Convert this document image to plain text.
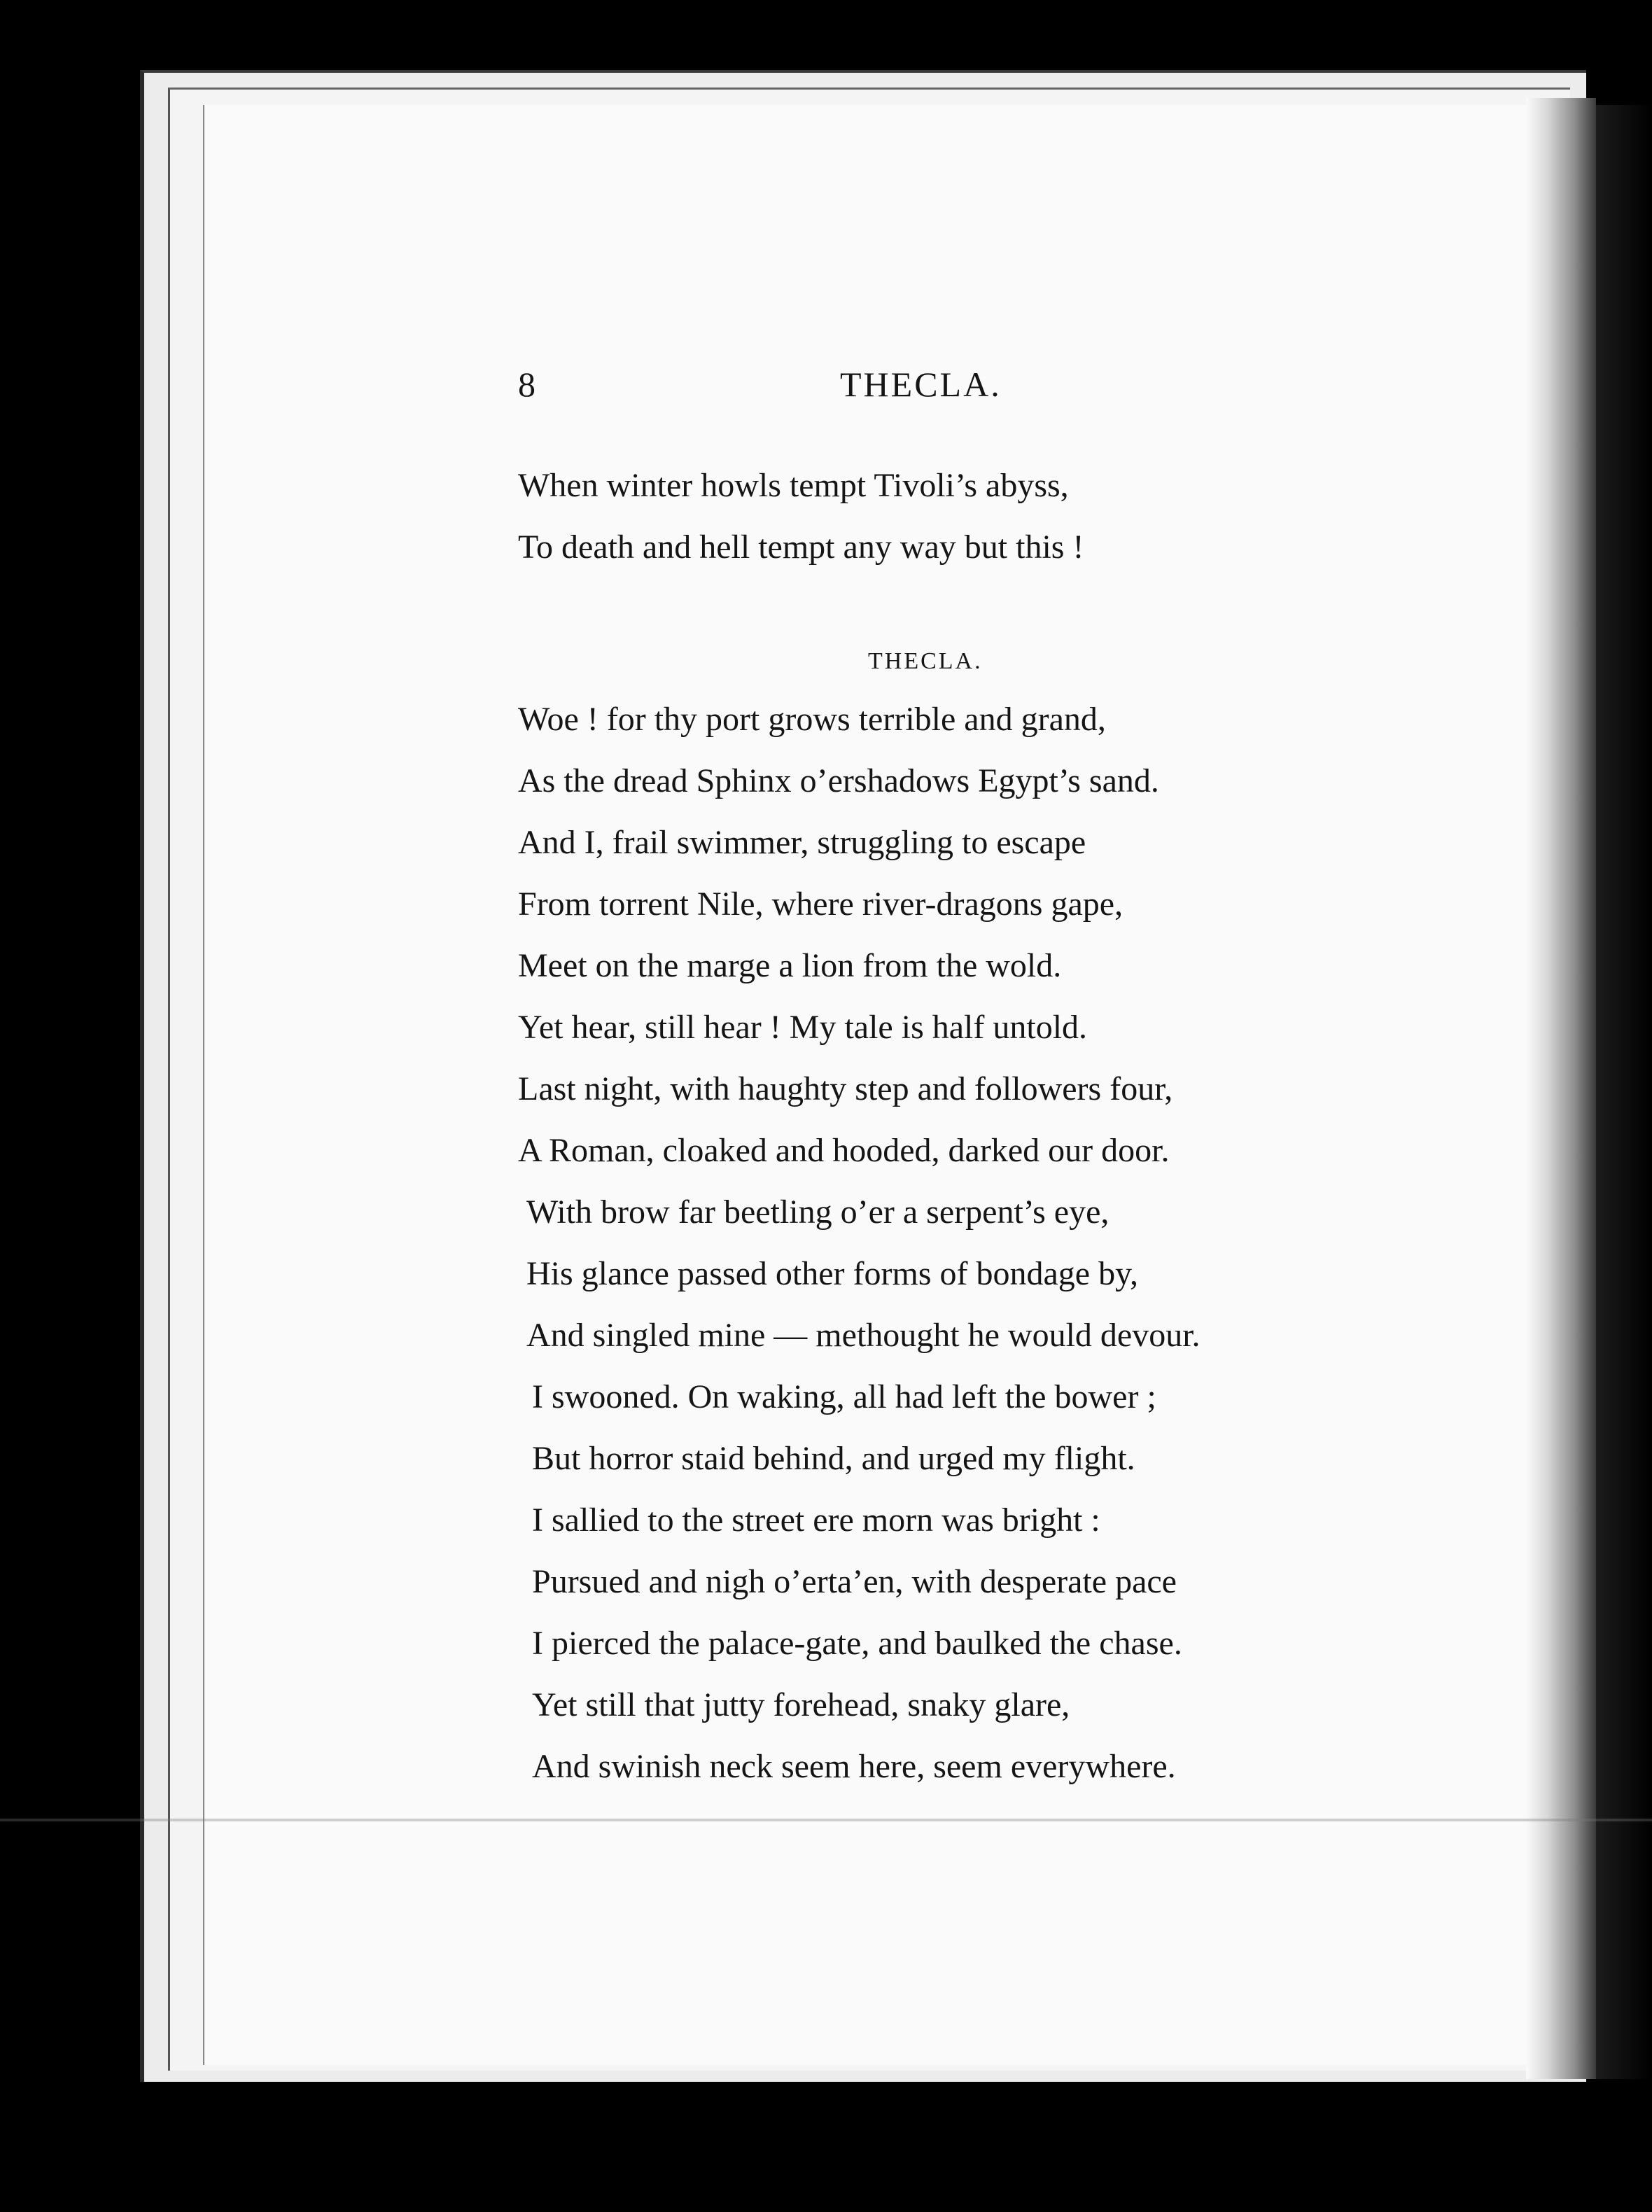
8	THECLA.
When winter howls tempt Tivoli’s abyss,
To death and hell tempt any way but this !
THECLA.
Woe ! for thy port grows terrible and grand,
As the dread Sphinx o’ershadows Egypt’s sand.
And I, frail swimmer, struggling to escape
From torrent Nile, where river-dragons gape,
Meet on the marge a lion from the wold.
Yet hear, still hear ! My tale is half untold.
Last night, with haughty step and followers four,
A Roman, cloaked and hooded, darked our door.
With brow far beetling o’er a serpent’s eye,
His glance passed other forms of bondage by,
And singled mine — methought he would devour.
I swooned. On waking, all had left the bower ;
But horror staid behind, and urged my flight.
I sallied to the street ere morn was bright :
Pursued and nigh o’erta’en, with desperate pace
I pierced the palace-gate, and baulked the chase.
Yet still that jutty forehead, snaky glare,
And swinish neck seem here, seem everywhere.
